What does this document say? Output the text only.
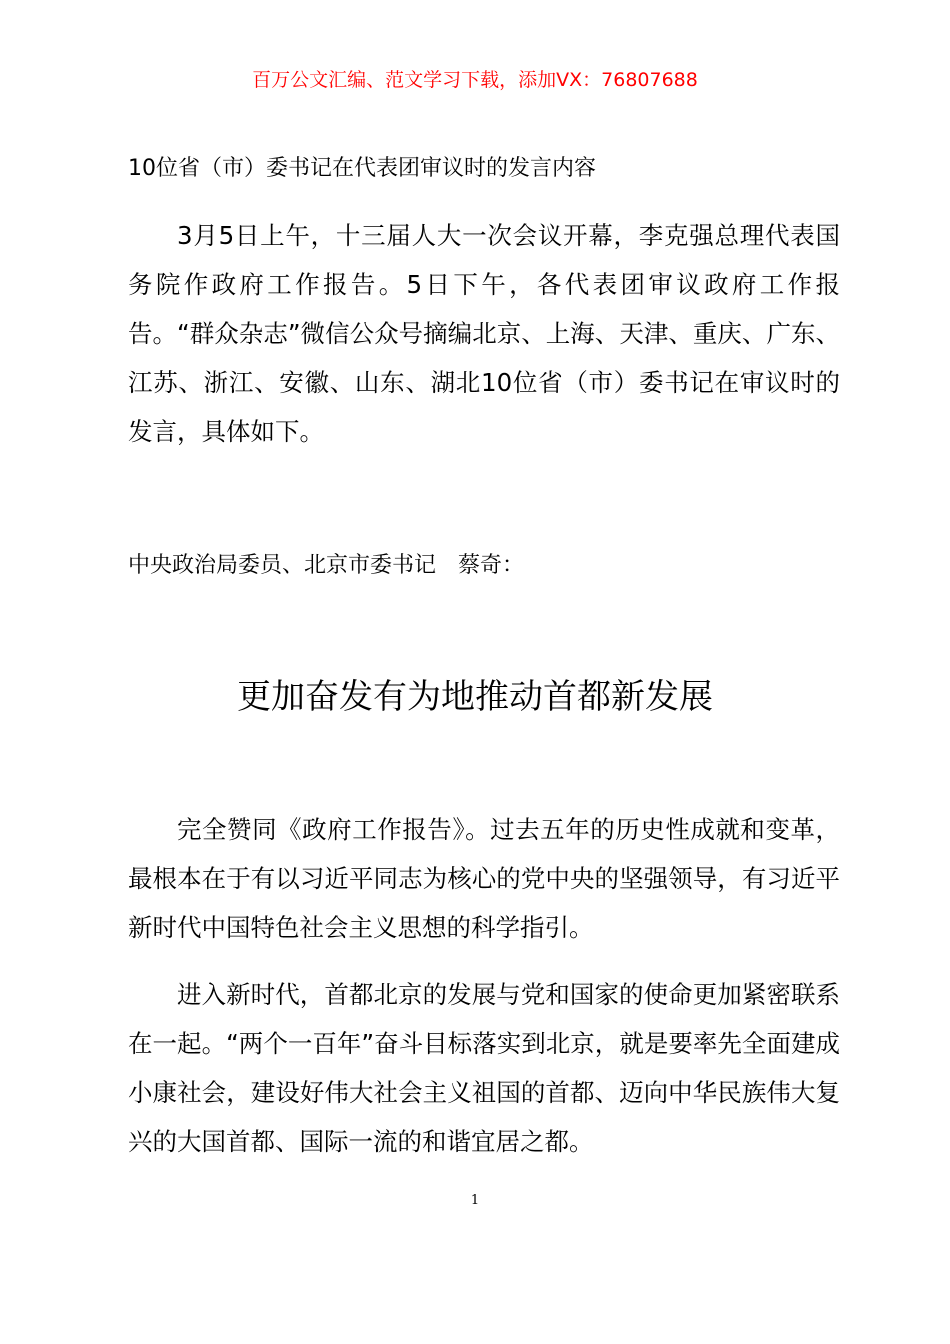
百万公文汇编、范文学习下载，添加VX：76807688
10位省（市）委书记在代表团审议时的发言内容
3月5日上午，十三届人大一次会议开幕，李克强总理代表国务院作政府工作报告。5日下午，各代表团审议政府工作报告。“群众杂志”微信公众号摘编北京、上海、天津、重庆、广东、江苏、浙江、安徽、山东、湖北10位省（市）委书记在审议时的发言，具体如下。
中央政治局委员、北京市委书记　蔡奇：
更加奋发有为地推动首都新发展
完全赞同《政府工作报告》。过去五年的历史性成就和变革，最根本在于有以习近平同志为核心的党中央的坚强领导，有习近平新时代中国特色社会主义思想的科学指引。
进入新时代，首都北京的发展与党和国家的使命更加紧密联系在一起。“两个一百年”奋斗目标落实到北京，就是要率先全面建成小康社会，建设好伟大社会主义祖国的首都、迈向中华民族伟大复兴的大国首都、国际一流的和谐宜居之都。
1
